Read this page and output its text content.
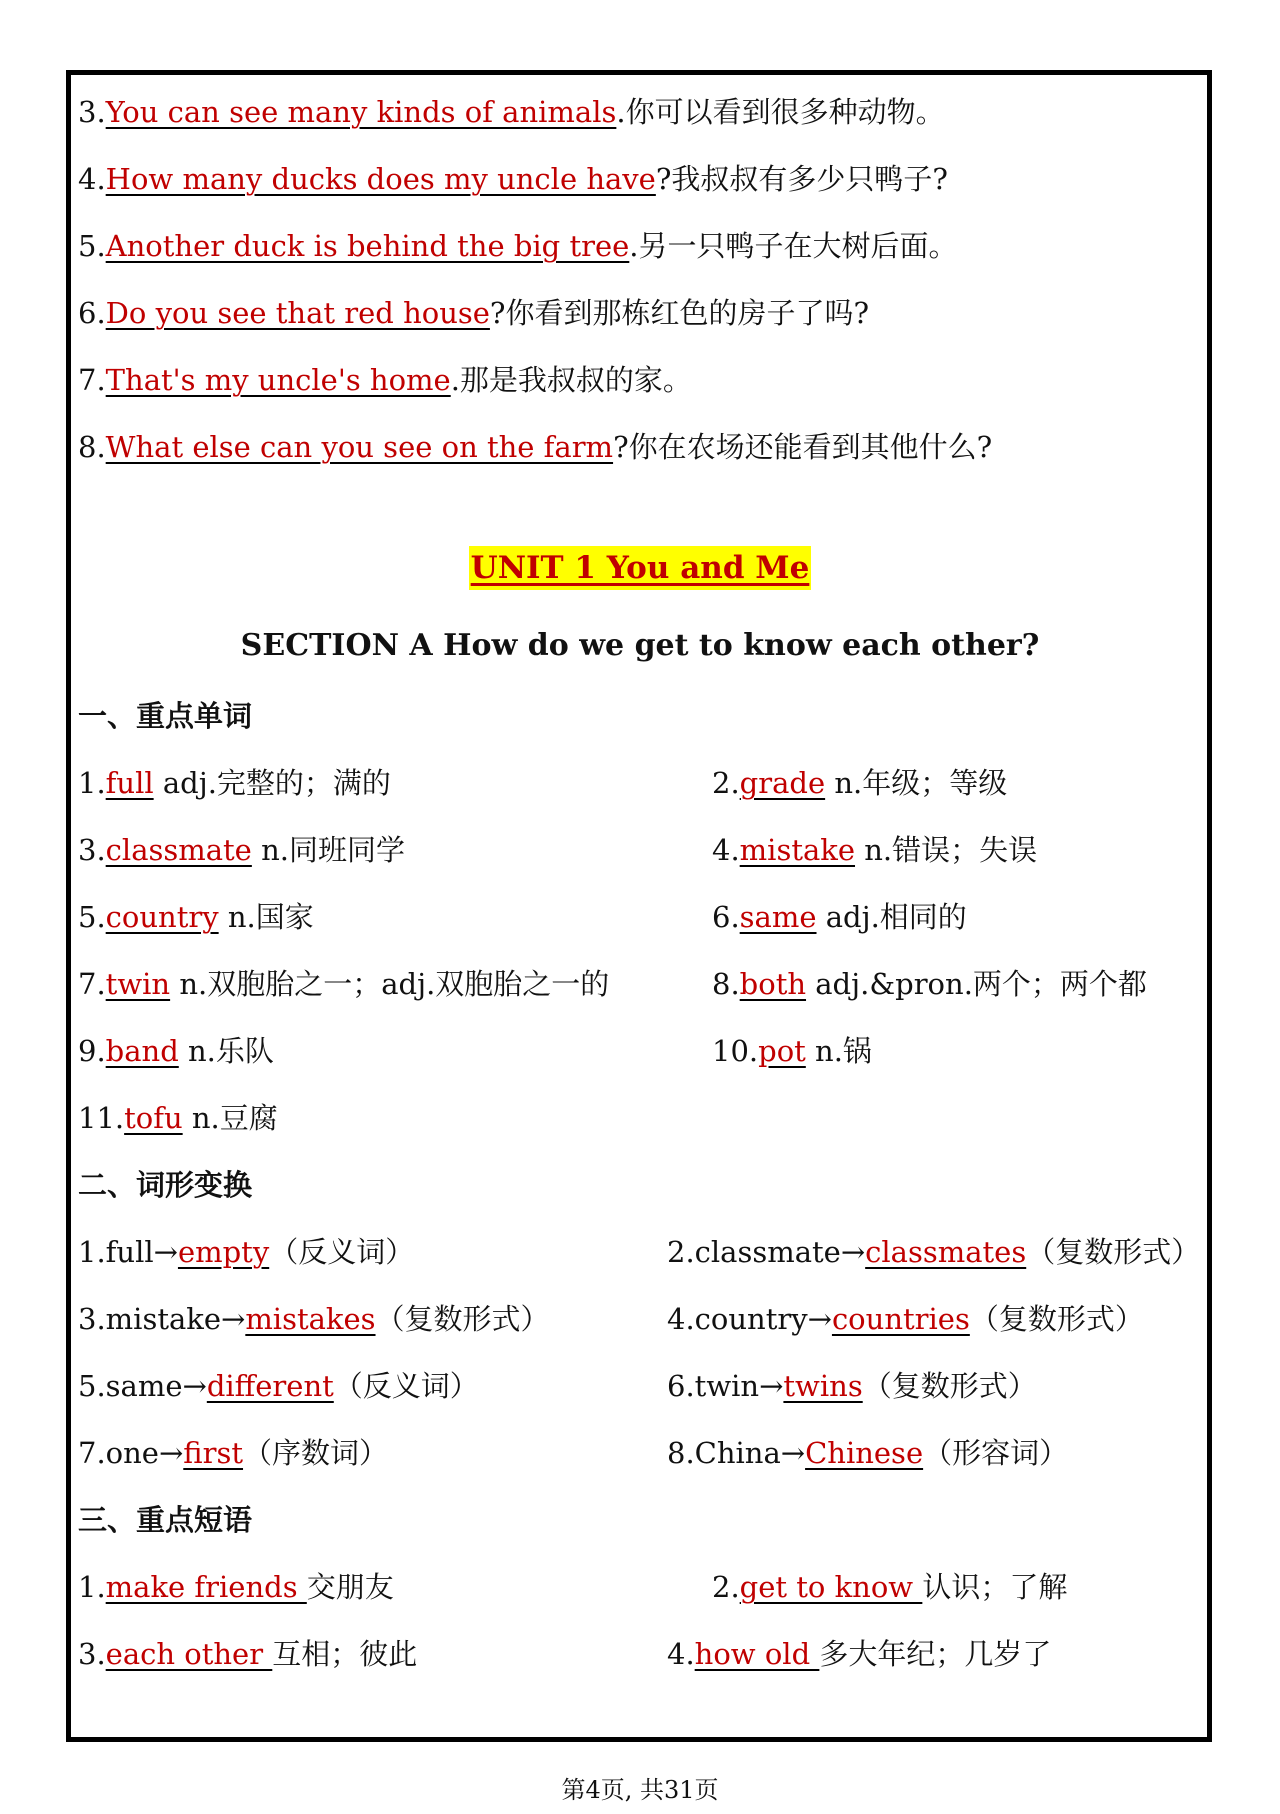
3.You can see many kinds of animals.你可以看到很多种动物。
4.How many ducks does my uncle have?我叔叔有多少只鸭子?
5.Another duck is behind the big tree.另一只鸭子在大树后面。
6.Do you see that red house?你看到那栋红色的房子了吗?
7.That's my uncle's home.那是我叔叔的家。
8.What else can you see on the farm?你在农场还能看到其他什么?
UNIT 1 You and Me
SECTION A How do we get to know each other?
一、重点单词
1.full adj.完整的；满的	2.grade n.年级；等级
3.classmate n.同班同学	4.mistake n.错误；失误
5.country n.国家	6.same adj.相同的
7.twin n.双胞胎之一；adj.双胞胎之一的	8.both adj.&pron.两个；两个都
9.band n.乐队	10.pot n.锅
11.tofu n.豆腐
二、词形变换
1.full→empty（反义词）	2.classmate→classmates（复数形式）
3.mistake→mistakes（复数形式）	4.country→countries（复数形式）
5.same→different（反义词）	6.twin→twins（复数形式）
7.one→first（序数词）	8.China→Chinese（形容词）
三、重点短语
1.make friends 交朋友	2.get to know 认识；了解
3.each other 互相；彼此	4.how old 多大年纪；几岁了
第4页, 共31页
